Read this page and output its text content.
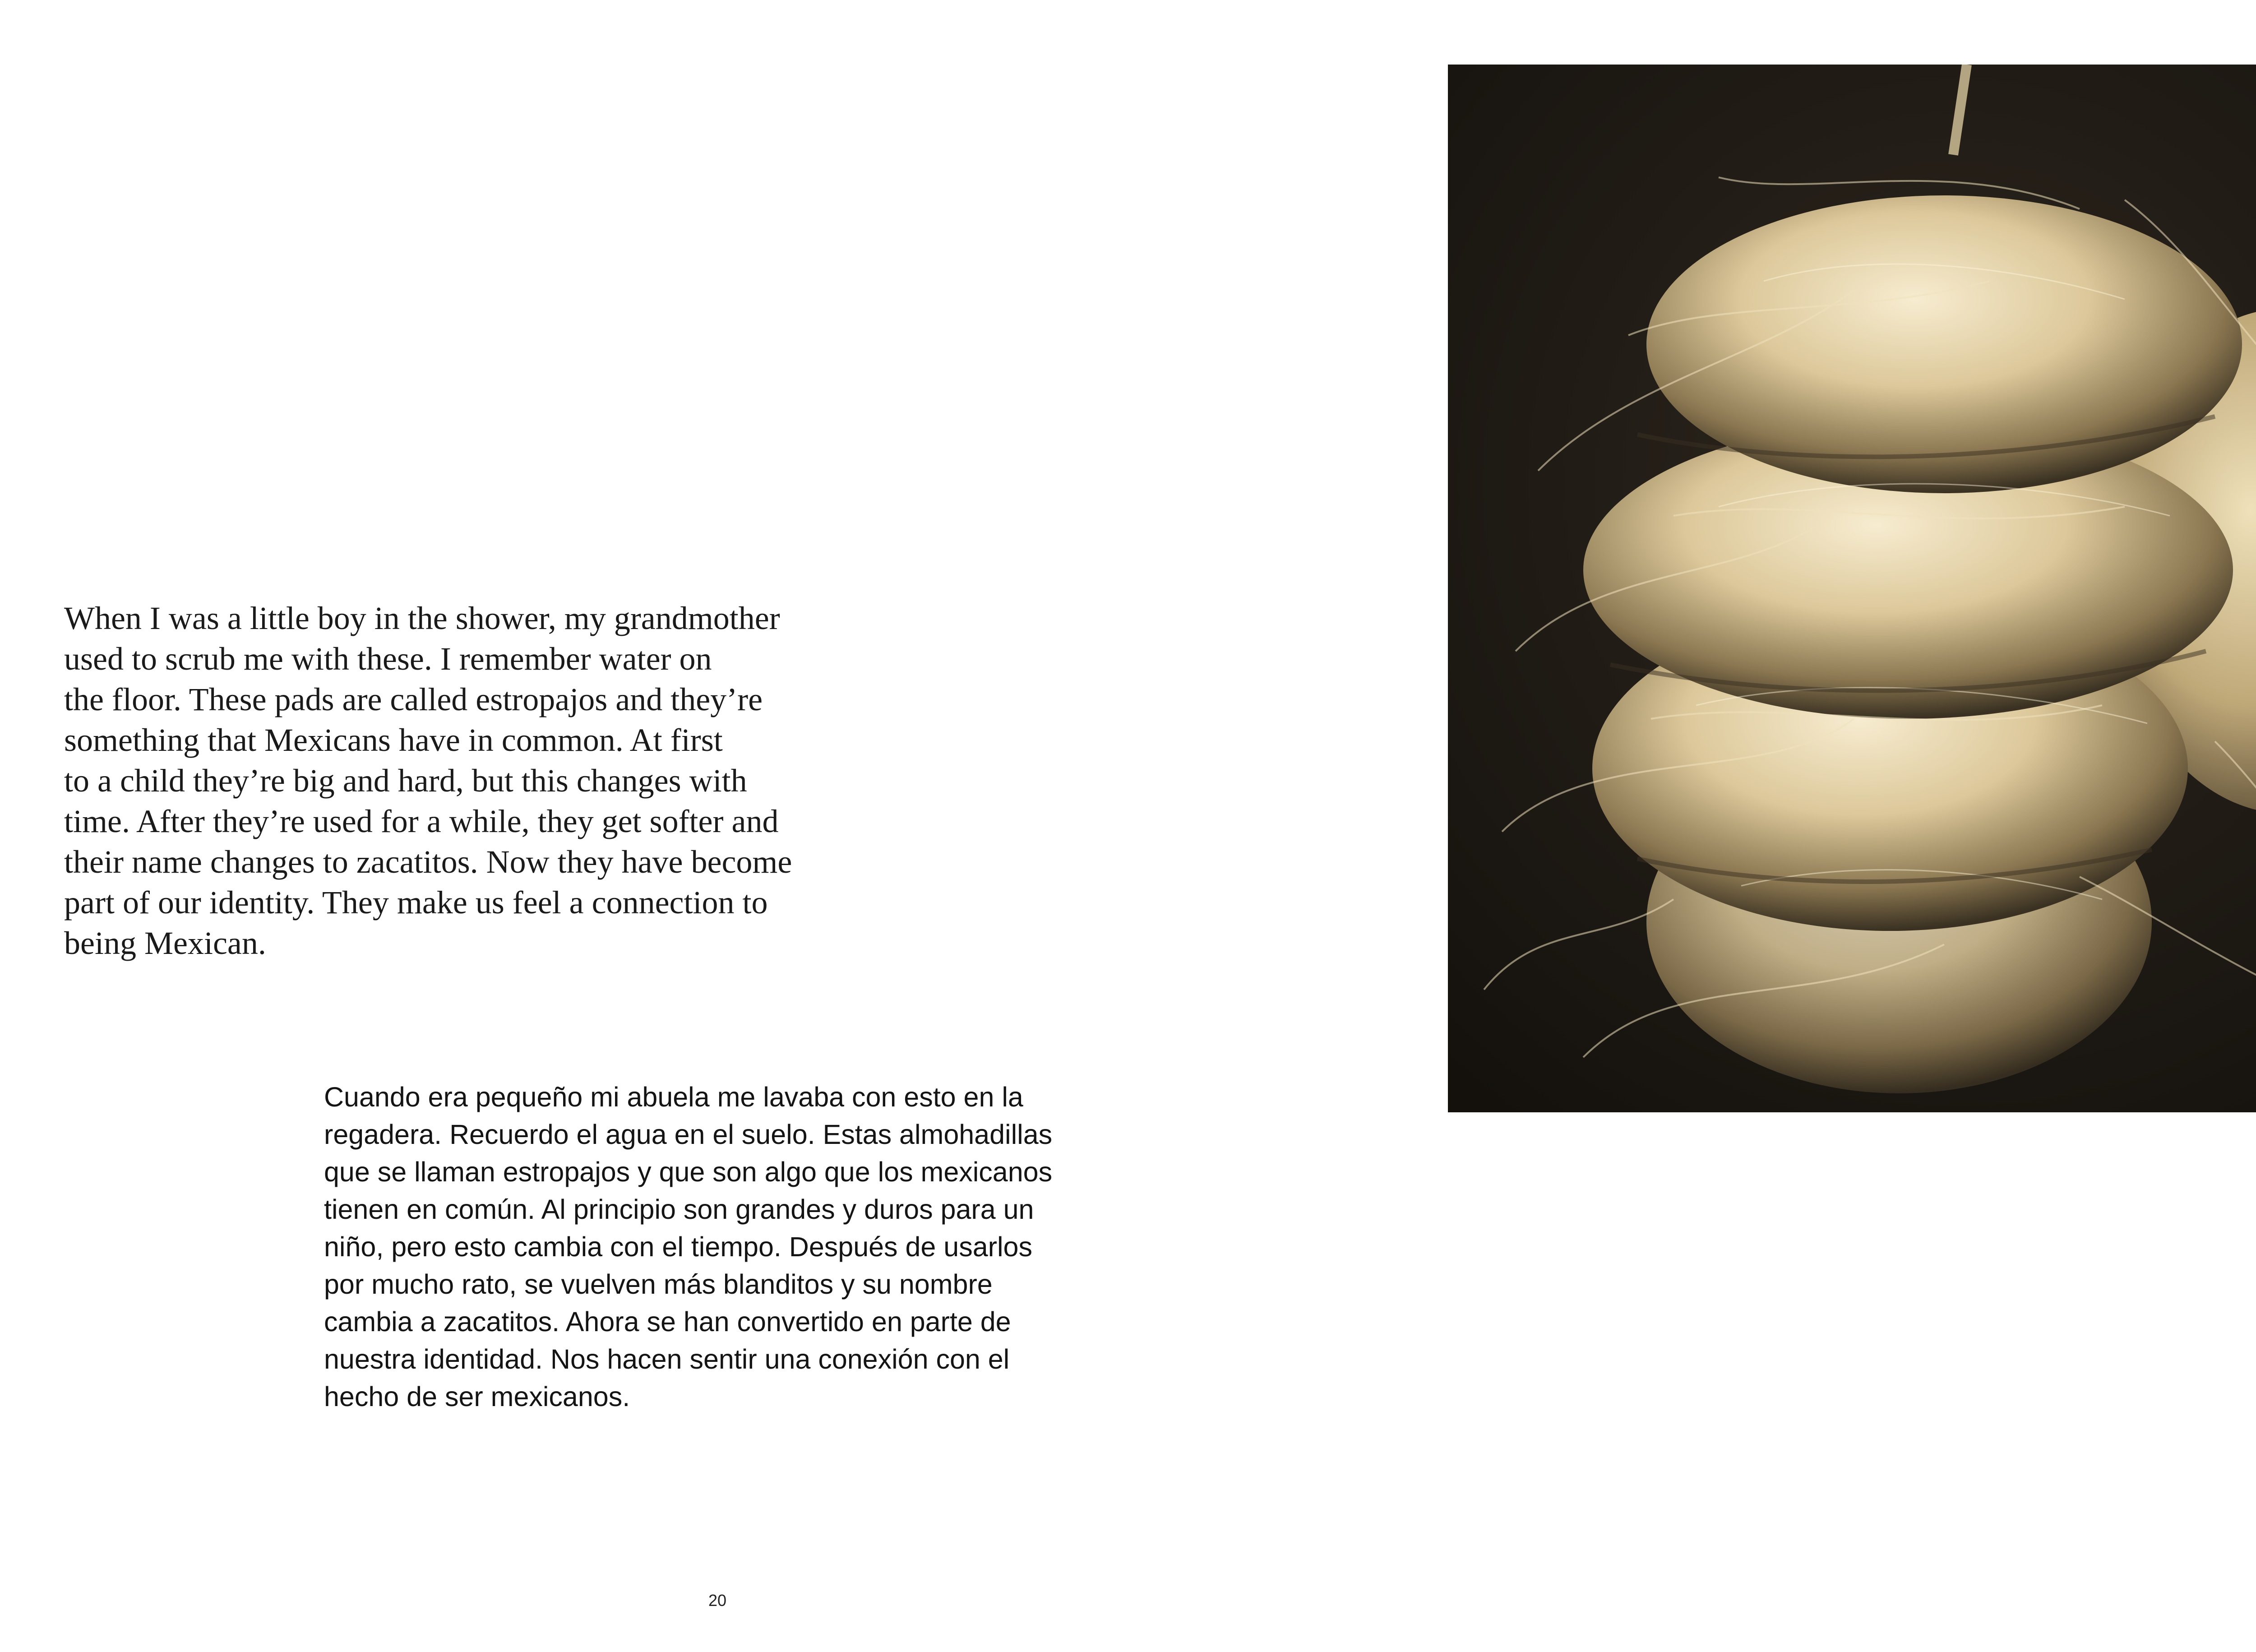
When I was a little boy in the shower, my grandmother
used to scrub me with these. I remember water on
the floor. These pads are called estropajos and they’re
something that Mexicans have in common. At first
to a child they’re big and hard, but this changes with
time. After they’re used for a while, they get softer and
their name changes to zacatitos. Now they have become
part of our identity. They make us feel a connection to
being Mexican.
Cuando era pequeño mi abuela me lavaba con esto en la
regadera. Recuerdo el agua en el suelo. Estas almohadillas
que se llaman estropajos y que son algo que los mexicanos
tienen en común. Al principio son grandes y duros para un
niño, pero esto cambia con el tiempo. Después de usarlos
por mucho rato, se vuelven más blanditos y su nombre
cambia a zacatitos. Ahora se han convertido en parte de
nuestra identidad. Nos hacen sentir una conexión con el
hecho de ser mexicanos.
20
